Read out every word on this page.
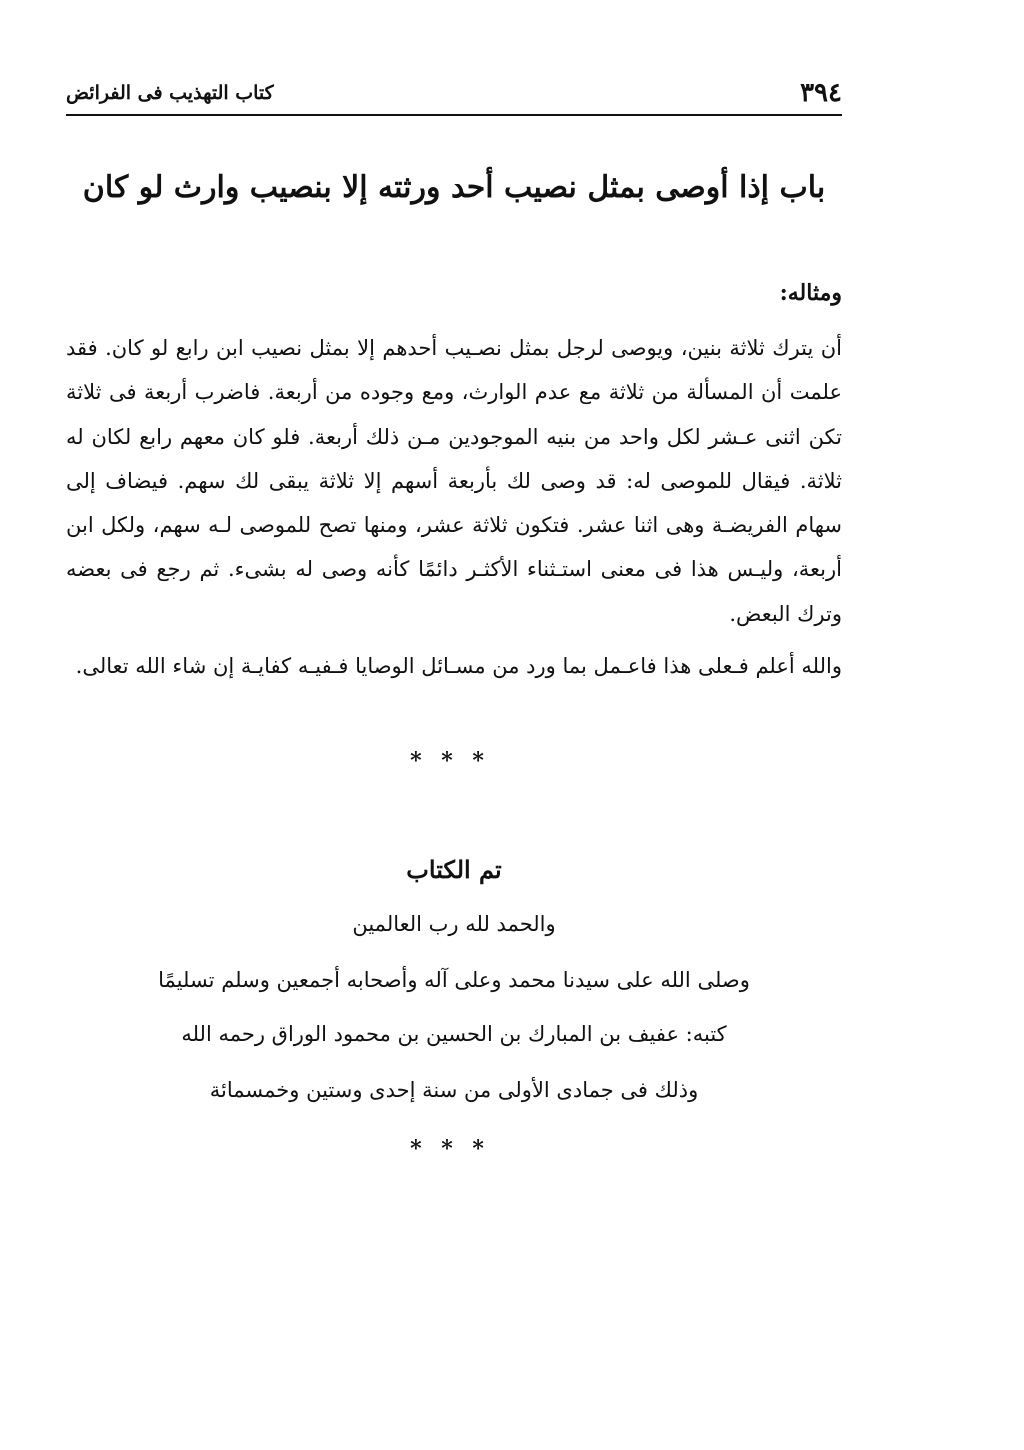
٣٩٤
كتاب التهذيب فى الفرائض
باب إذا أوصى بمثل نصيب أحد ورثته إلا بنصيب وارث لو كان
ومثاله:

أن يترك ثلاثة بنين، ويوصى لرجل بمثل نصـيب أحدهم إلا بمثل نصيب ابن رابع لو كان. فقد علمت أن المسألة من ثلاثة مع عدم الوارث، ومع وجوده من أربعة. فاضرب أربعة فى ثلاثة تكن اثنى عـشر لكل واحد من بنيه الموجودين مـن ذلك أربعة. فلو كان معهم رابع لكان له ثلاثة. فيقال للموصى له: قد وصى لك بأربعة أسهم إلا ثلاثة يبقى لك سهم. فيضاف إلى سهام الفريضـة وهى اثنا عشر. فتكون ثلاثة عشر، ومنها تصح للموصى لـه سهم، ولكل ابن أربعة، وليـس هذا فى معنى استـثناء الأكثـر دائمًا كأنه وصى له بشىء. ثم رجع فى بعضه وترك البعض.

والله أعلم فـعلى هذا فاعـمل بما ورد من مسـائل الوصايا فـفيـه كفايـة إن شاء الله تعالى.

* * *
تم الكتاب
والحمد لله رب العالمين
وصلى الله على سيدنا محمد وعلى آله وأصحابه أجمعين وسلم تسليمًا
كتبه: عفيف بن المبارك بن الحسين بن محمود الوراق رحمه الله
وذلك فى جمادى الأولى من سنة إحدى وستين وخمسمائة
* * *
